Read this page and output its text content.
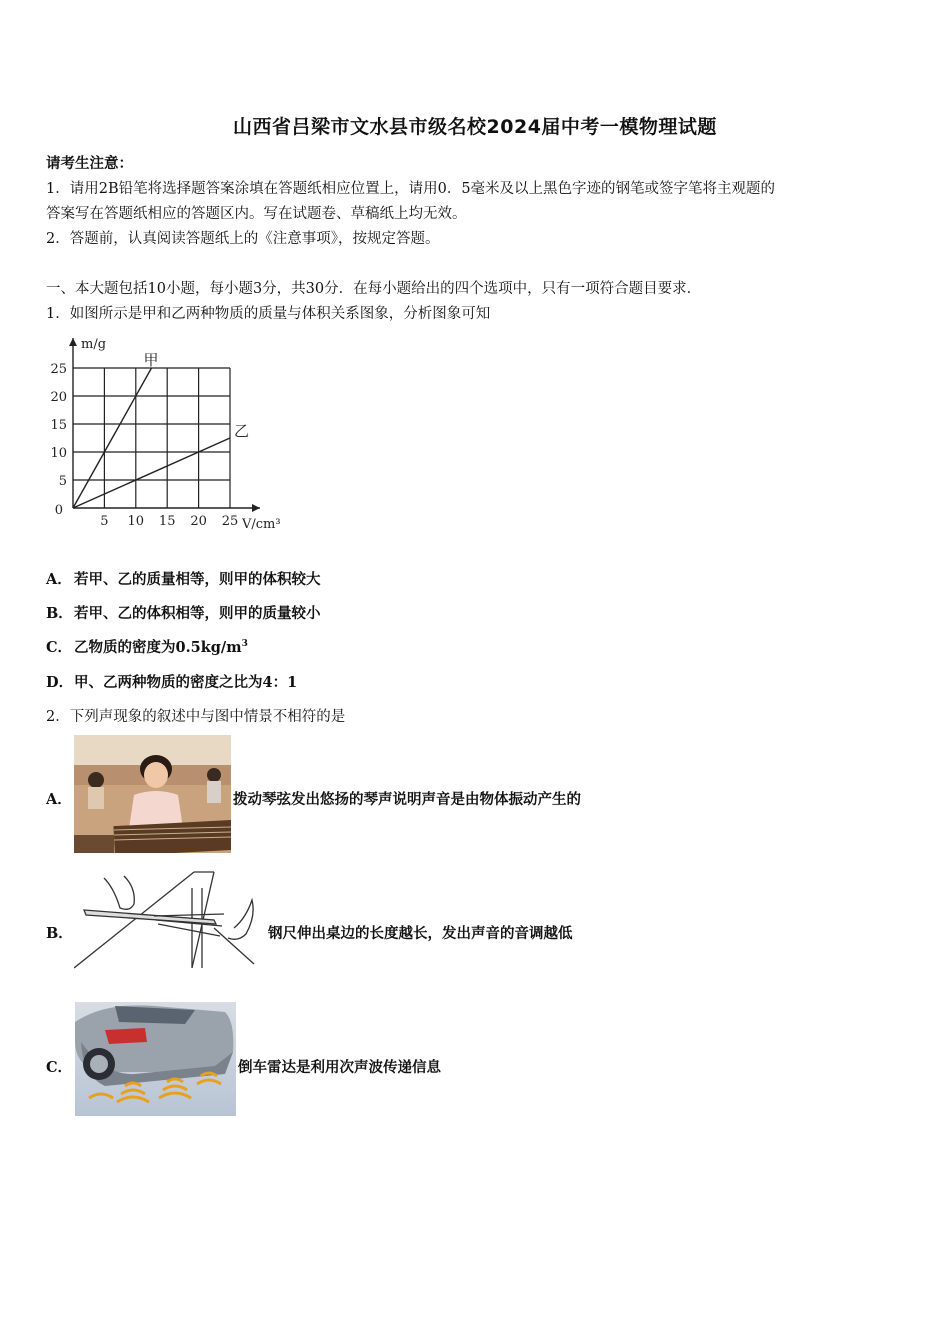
山西省吕梁市文水县市级名校2024届中考一模物理试题
请考生注意：
1．请用2B铅笔将选择题答案涂填在答题纸相应位置上，请用0．5毫米及以上黑色字迹的钢笔或签字笔将主观题的
答案写在答题纸相应的答题区内。写在试题卷、草稿纸上均无效。
2．答题前，认真阅读答题纸上的《注意事项》，按规定答题。
一、本大题包括10小题，每小题3分，共30分．在每小题给出的四个选项中，只有一项符合题目要求．
1．如图所示是甲和乙两种物质的质量与体积关系图象，分析图象可知
甲
乙
5 10 15 20 25
5
10
15
20
25
0
m/g
V/cm³
A． 若甲、乙的质量相等，则甲的体积较大
B． 若甲、乙的体积相等，则甲的质量较小
C． 乙物质的密度为$0.5kg/m^3$
D． 甲、乙两种物质的密度之比为4：1
2．下列声现象的叙述中与图中情景不相符的是
A．	拨动琴弦发出悠扬的琴声说明声音是由物体振动产生的
B．	钢尺伸出桌边的长度越长，发出声音的音调越低
C．	倒车雷达是利用次声波传递信息
